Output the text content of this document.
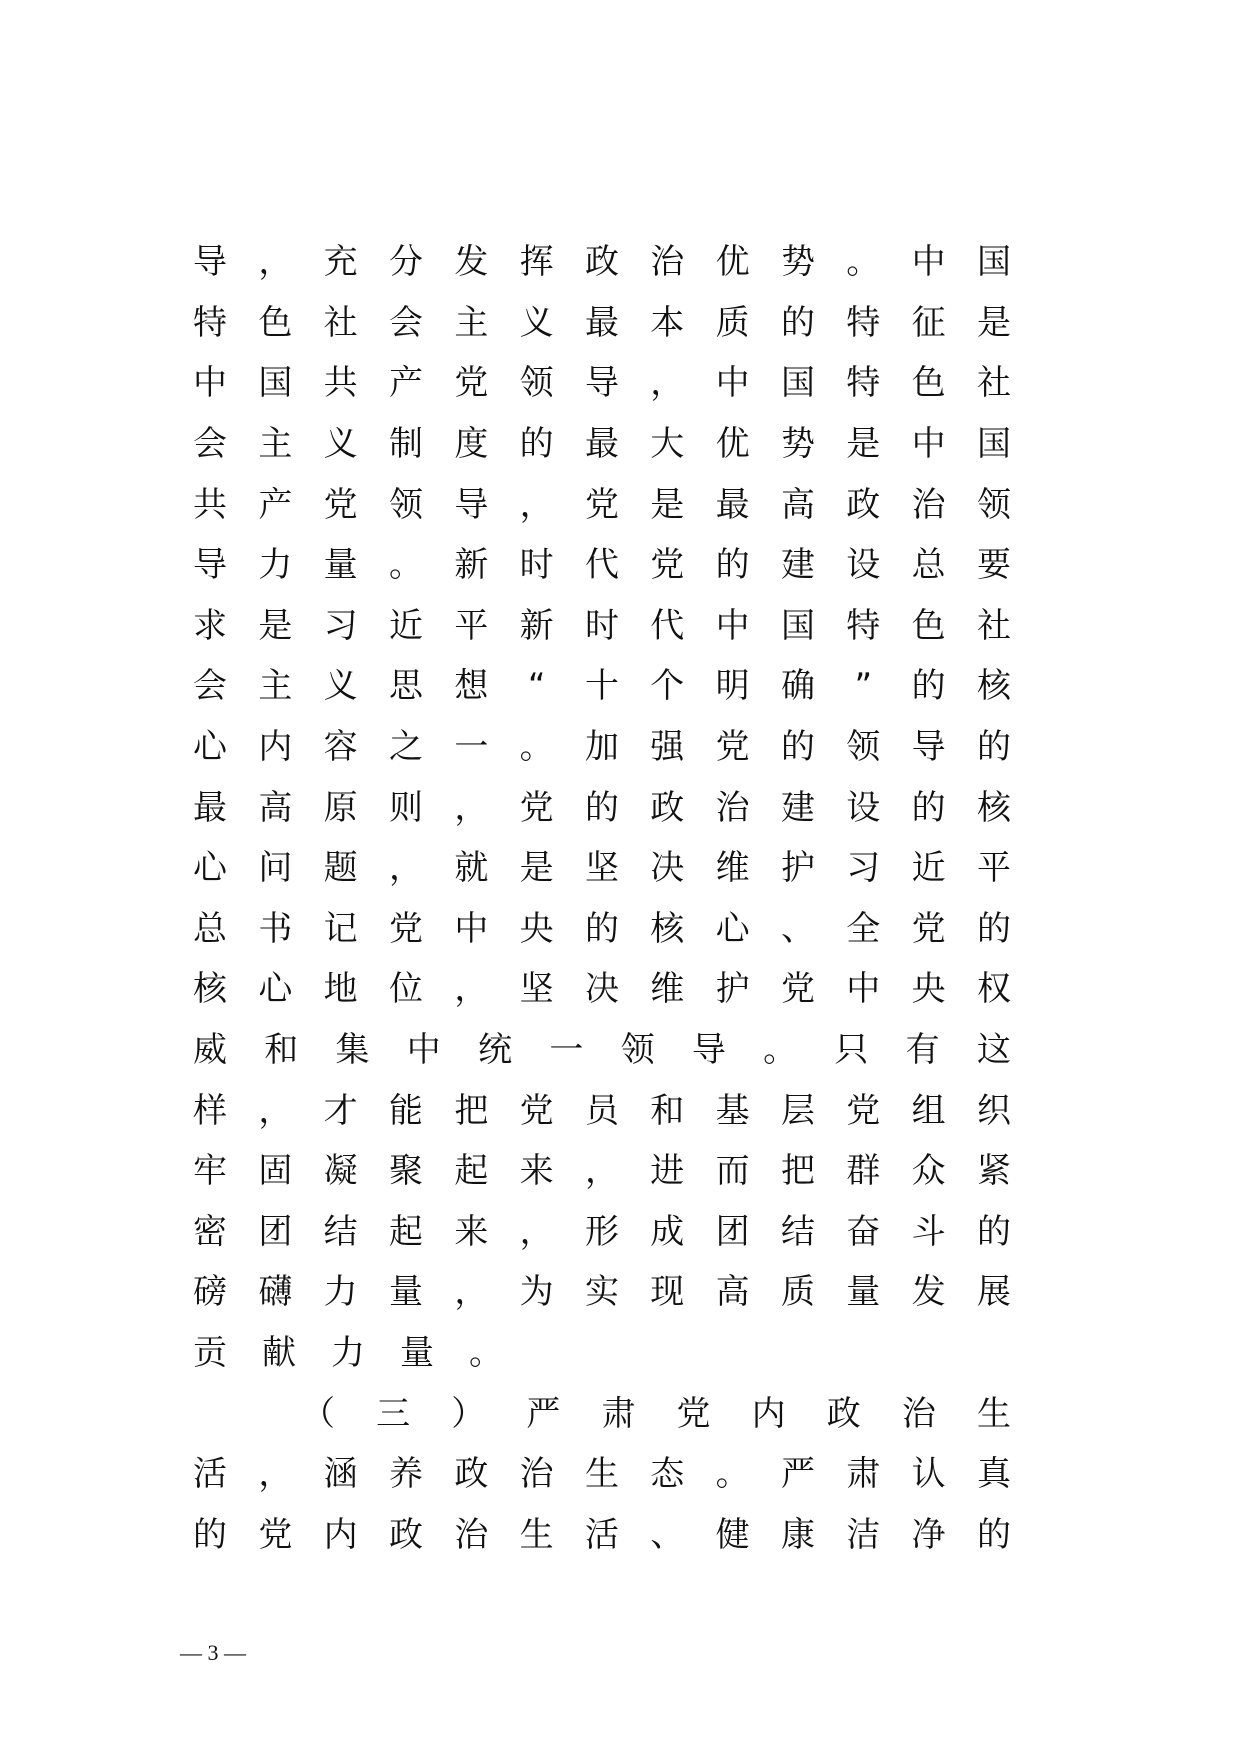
导 ， 充 分 发 挥 政 治 优 势 。 中 国
特 色 社 会 主 义 最 本 质 的 特 征 是
中 国 共 产 党 领 导 ， 中 国 特 色 社
会 主 义 制 度 的 最 大 优 势 是 中 国
共 产 党 领 导 ， 党 是 最 高 政 治 领
导 力 量 。 新 时 代 党 的 建 设 总 要
求 是 习 近 平 新 时 代 中 国 特 色 社
会 主 义 思 想 “ 十 个 明 确 ” 的 核
心 内 容 之 一 。 加 强 党 的 领 导 的
最 高 原 则 ， 党 的 政 治 建 设 的 核
心 问 题 ， 就 是 坚 决 维 护 习 近 平
总 书 记 党 中 央 的 核 心 、 全 党 的
核 心 地 位 ， 坚 决 维 护 党 中 央 权
威 和 集 中 统 一 领 导 。 只 有 这
样 ， 才 能 把 党 员 和 基 层 党 组 织
牢 固 凝 聚 起 来 ， 进 而 把 群 众 紧
密 团 结 起 来 ， 形 成 团 结 奋 斗 的
磅 礴 力 量 ， 为 实 现 高 质 量 发 展
贡 献 力 量 。
（ 三 ） 严 肃 党 内 政 治 生
活 ， 涵 养 政 治 生 态 。 严 肃 认 真
的 党 内 政 治 生 活 、 健 康 洁 净 的
— 3 —
